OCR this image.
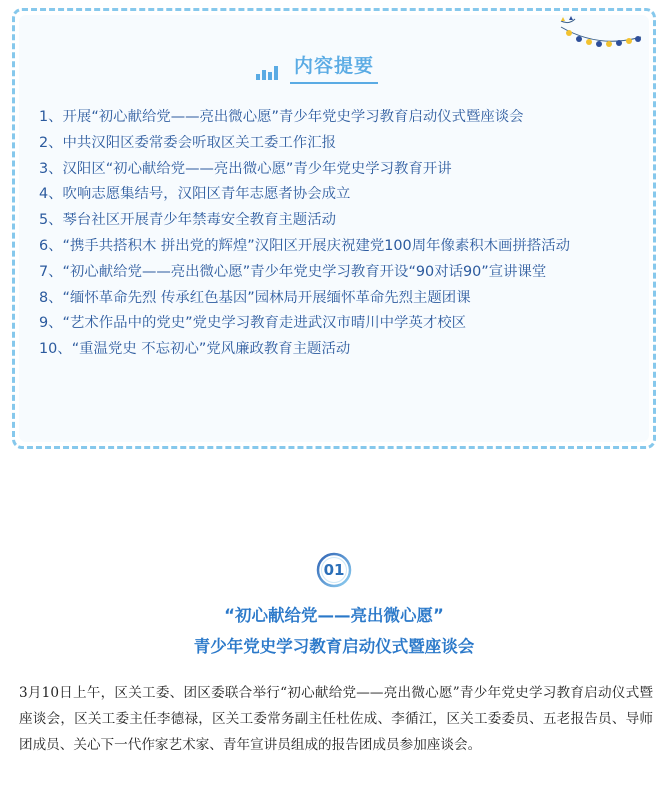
内容提要
1、开展“初心献给党——亮出微心愿”青少年党史学习教育启动仪式暨座谈会
2、中共汉阳区委常委会听取区关工委工作汇报
3、汉阳区“初心献给党——亮出微心愿”青少年党史学习教育开讲
4、吹响志愿集结号，汉阳区青年志愿者协会成立
5、琴台社区开展青少年禁毒安全教育主题活动
6、“携手共搭积木 拼出党的辉煌”汉阳区开展庆祝建党100周年像素积木画拼搭活动
7、“初心献给党——亮出微心愿”青少年党史学习教育开设“90对话90”宣讲课堂
8、“缅怀革命先烈 传承红色基因”园林局开展缅怀革命先烈主题团课
9、“艺术作品中的党史”党史学习教育走进武汉市晴川中学英才校区
10、“重温党史 不忘初心”党风廉政教育主题活动
01
“初心献给党——亮出微心愿”
青少年党史学习教育启动仪式暨座谈会

3月10日上午，区关工委、团区委联合举行“初心献给党——亮出微心愿”青少年党史学习教育启动仪式暨座谈会，区关工委主任李德禄，区关工委常务副主任杜佐成、李循江，区关工委委员、五老报告员、导师团成员、关心下一代作家艺术家、青年宣讲员组成的报告团成员参加座谈会。
